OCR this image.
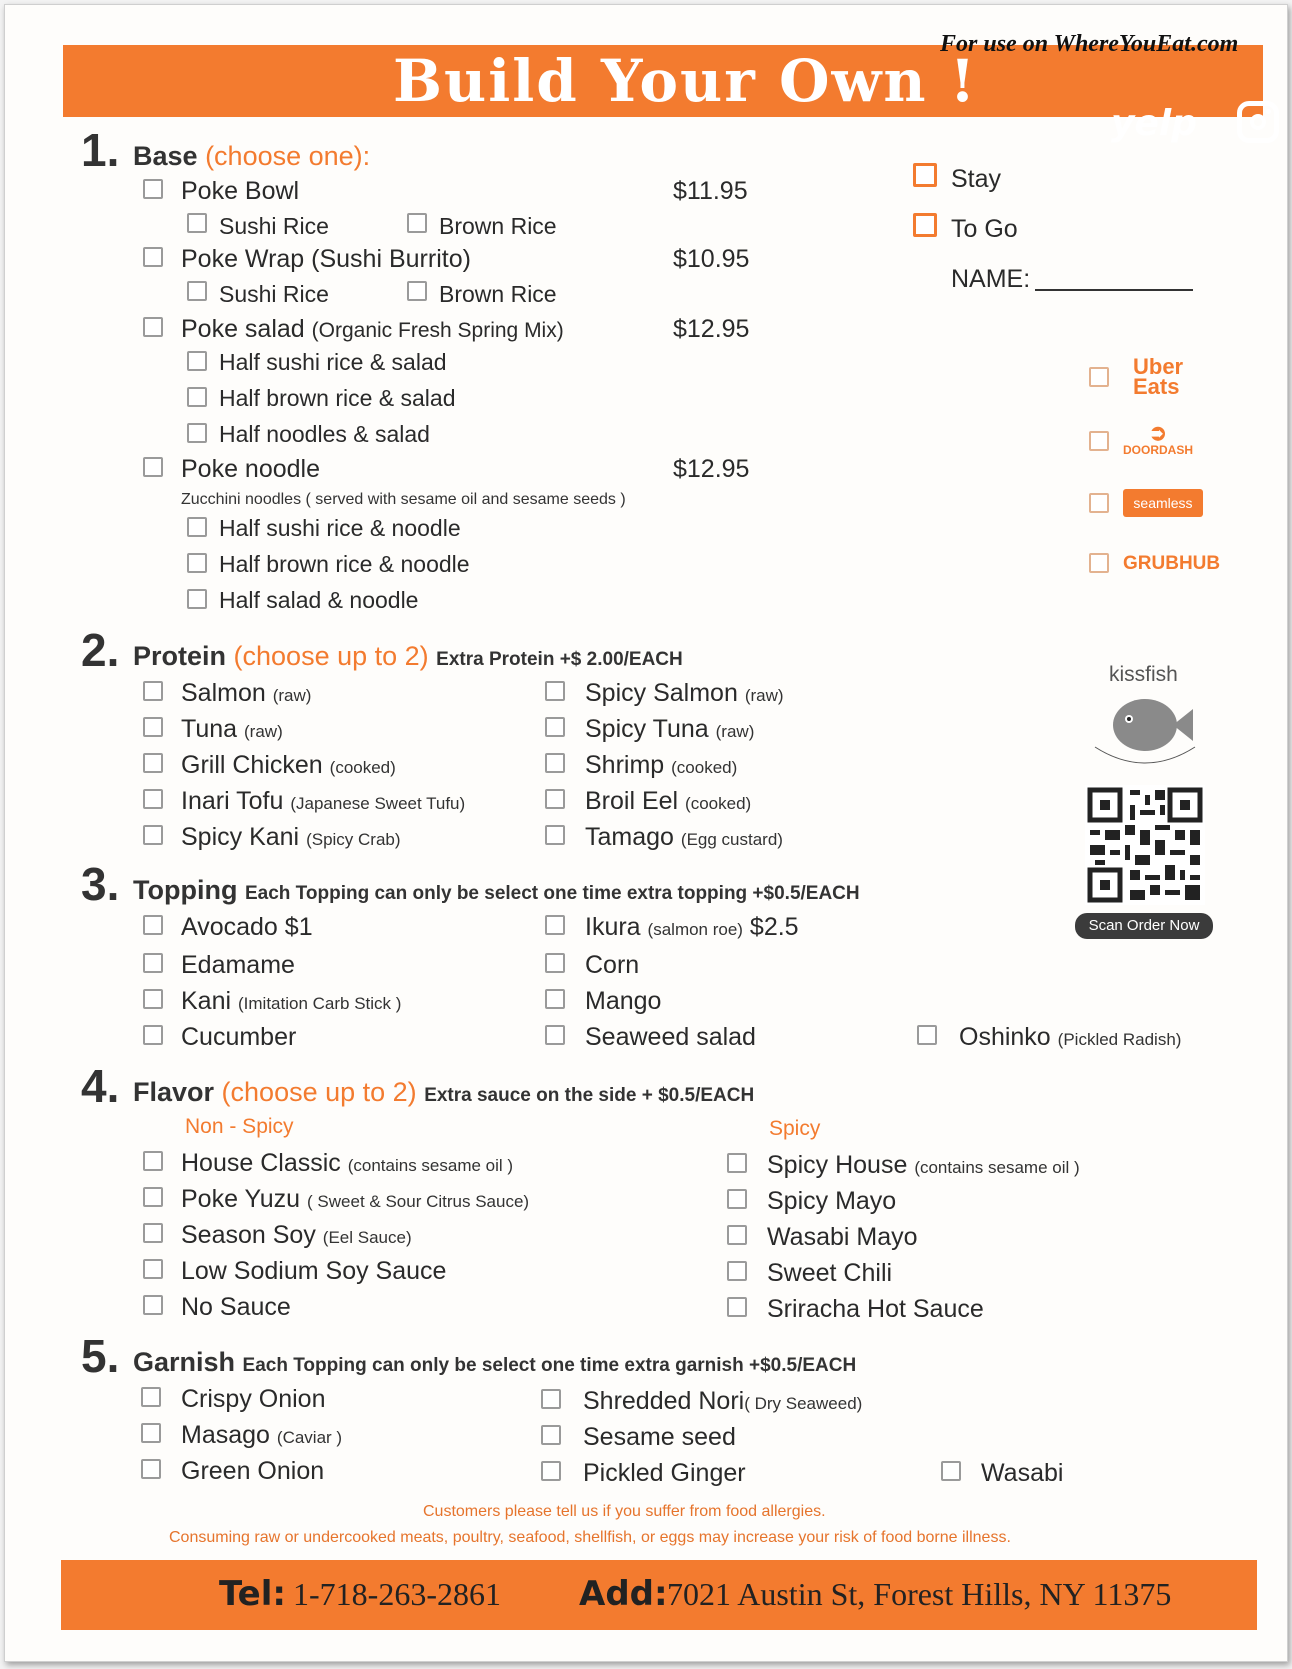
Build Your Own !
yelp
For use on WhereYouEat.com
Stay
To Go
NAME:
Uber
Eats
➲
DOORDASH
seamless
GRUBHUB
kissfish
Scan Order Now
1. Base (choose one):
Poke Bowl	$11.95
Sushi Rice	Brown Rice
Poke Wrap (Sushi Burrito)	$10.95
Sushi Rice	Brown Rice
Poke salad (Organic Fresh Spring Mix)	$12.95
Half sushi rice & salad
Half brown rice & salad
Half noodles & salad
Poke noodle	$12.95
Zucchini noodles ( served with sesame oil and sesame seeds )
Half sushi rice & noodle
Half brown rice & noodle
Half salad & noodle
2. Protein (choose up to 2) Extra Protein +$ 2.00/EACH
Salmon (raw)
Tuna (raw)
Grill Chicken (cooked)
Inari Tofu (Japanese Sweet Tufu)
Spicy Kani (Spicy Crab)
Spicy Salmon (raw)
Spicy Tuna (raw)
Shrimp (cooked)
Broil Eel (cooked)
Tamago (Egg custard)
3. Topping Each Topping can only be select one time extra topping +$0.5/EACH
Avocado $1
Edamame
Kani (Imitation Carb Stick )
Cucumber
Ikura (salmon roe) $2.5
Corn
Mango
Seaweed salad	Oshinko (Pickled Radish)
4. Flavor (choose up to 2) Extra sauce on the side + $0.5/EACH
Non - Spicy	Spicy
House Classic (contains sesame oil )
Poke Yuzu ( Sweet & Sour Citrus Sauce)
Season Soy (Eel Sauce)
Low Sodium Soy Sauce
No Sauce
Spicy House (contains sesame oil )
Spicy Mayo
Wasabi Mayo
Sweet Chili
Sriracha Hot Sauce
5. Garnish Each Topping can only be select one time extra garnish +$0.5/EACH
Crispy Onion
Masago (Caviar )
Green Onion
Shredded Nori( Dry Seaweed)
Sesame seed
Pickled Ginger	Wasabi
Customers please tell us if you suffer from food allergies.
Consuming raw or undercooked meats, poultry, seafood, shellfish, or eggs may increase your risk of food borne illness.
Tel: 1-718-263-2861 Add: 7021 Austin St, Forest Hills, NY 11375
